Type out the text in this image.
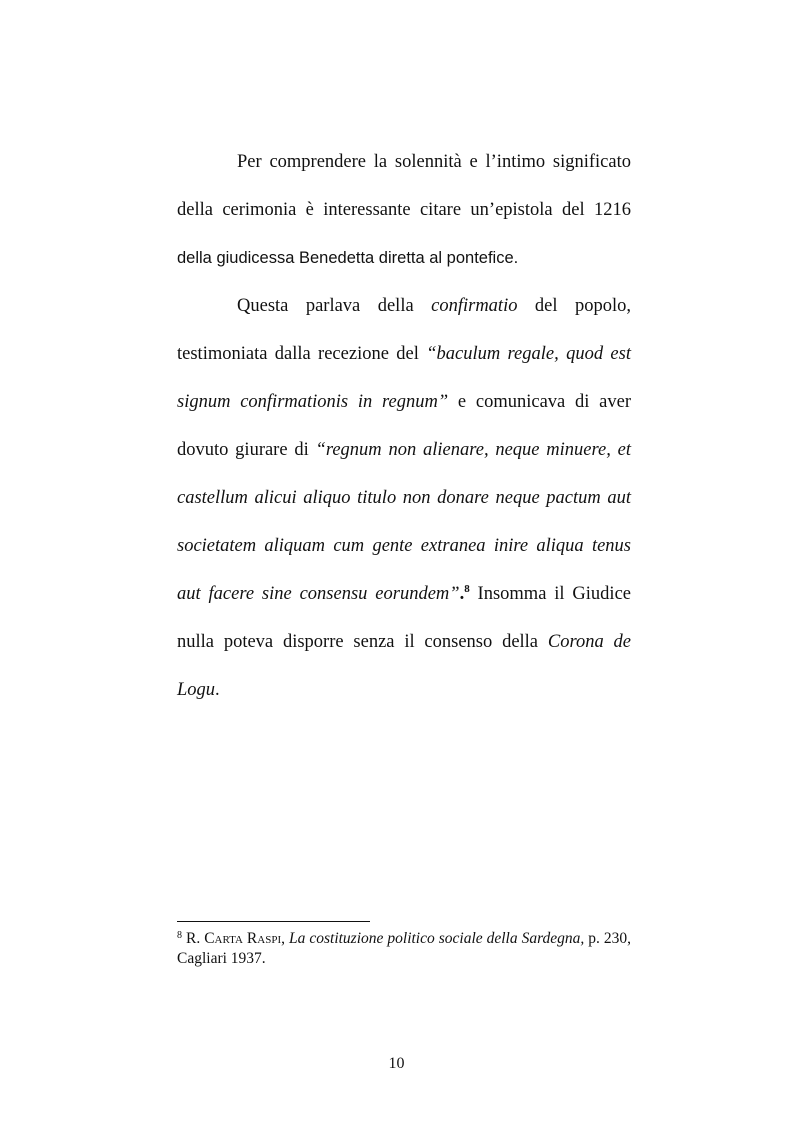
Per comprendere la solennità e l’intimo significato della cerimonia è interessante citare un’epistola del 1216 della giudicessa Benedetta diretta al pontefice.

Questa parlava della confirmatio del popolo, testimoniata dalla recezione del “baculum regale, quod est signum confirmationis in regnum” e comunicava di aver dovuto giurare di “regnum non alienare, neque minuere, et castellum alicui aliquo titulo non donare neque pactum aut societatem aliquam cum gente extranea inire aliqua tenus aut facere sine consensu eorundem”.$^8$ Insomma il Giudice nulla poteva disporre senza il consenso della Corona de Logu.

$^8$ R. Carta Raspi, La costituzione politico sociale della Sardegna, p. 230, Cagliari 1937.

10
